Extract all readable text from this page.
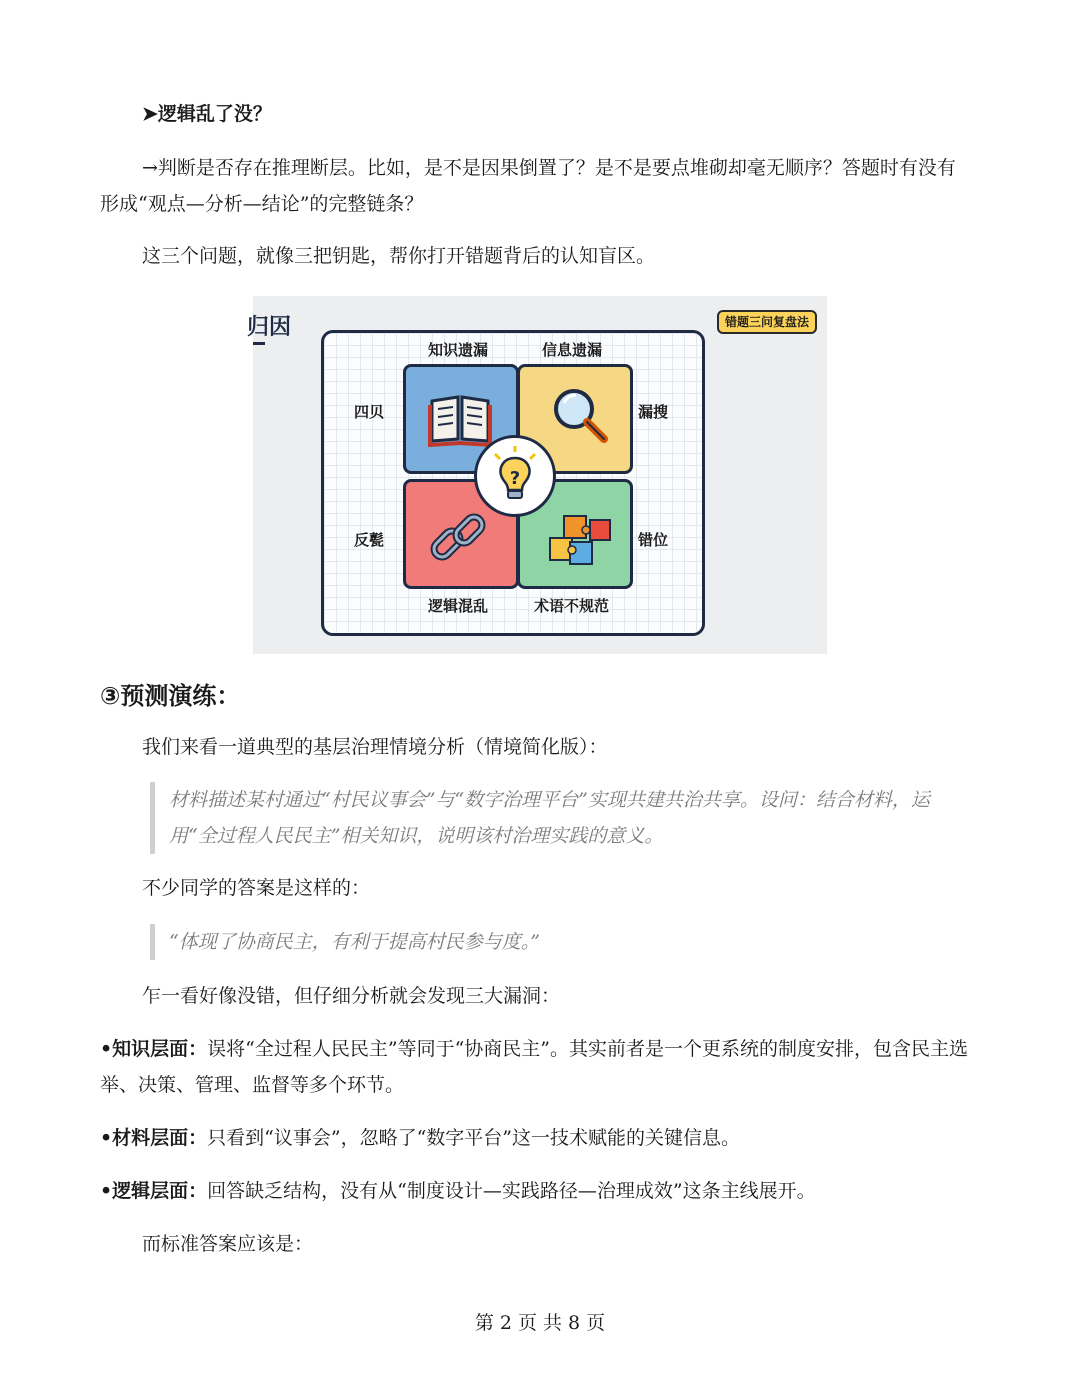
➤逻辑乱了没？

→判断是否存在推理断层。比如，是不是因果倒置了？是不是要点堆砌却毫无顺序？答题时有没有形成“观点—分析—结论”的完整链条？

这三个问题，就像三把钥匙，帮你打开错题背后的认知盲区。

归因	错题三问复盘法
知识遗漏	信息遗漏
四贝	漏搜
反甏	错位
逻辑混乱	术语不规范
?
③预测演练：

我们来看一道典型的基层治理情境分析（情境简化版）：

材料描述某村通过“村民议事会”与“数字治理平台”实现共建共治共享。设问：结合材料，运用“全过程人民民主”相关知识，说明该村治理实践的意义。

不少同学的答案是这样的：

“体现了协商民主，有利于提高村民参与度。”

乍一看好像没错，但仔细分析就会发现三大漏洞：

•知识层面：误将“全过程人民民主”等同于“协商民主”。其实前者是一个更系统的制度安排，包含民主选举、决策、管理、监督等多个环节。

•材料层面：只看到“议事会”，忽略了“数字平台”这一技术赋能的关键信息。

•逻辑层面：回答缺乏结构，没有从“制度设计—实践路径—治理成效”这条主线展开。

而标准答案应该是：

第 2 页 共 8 页
